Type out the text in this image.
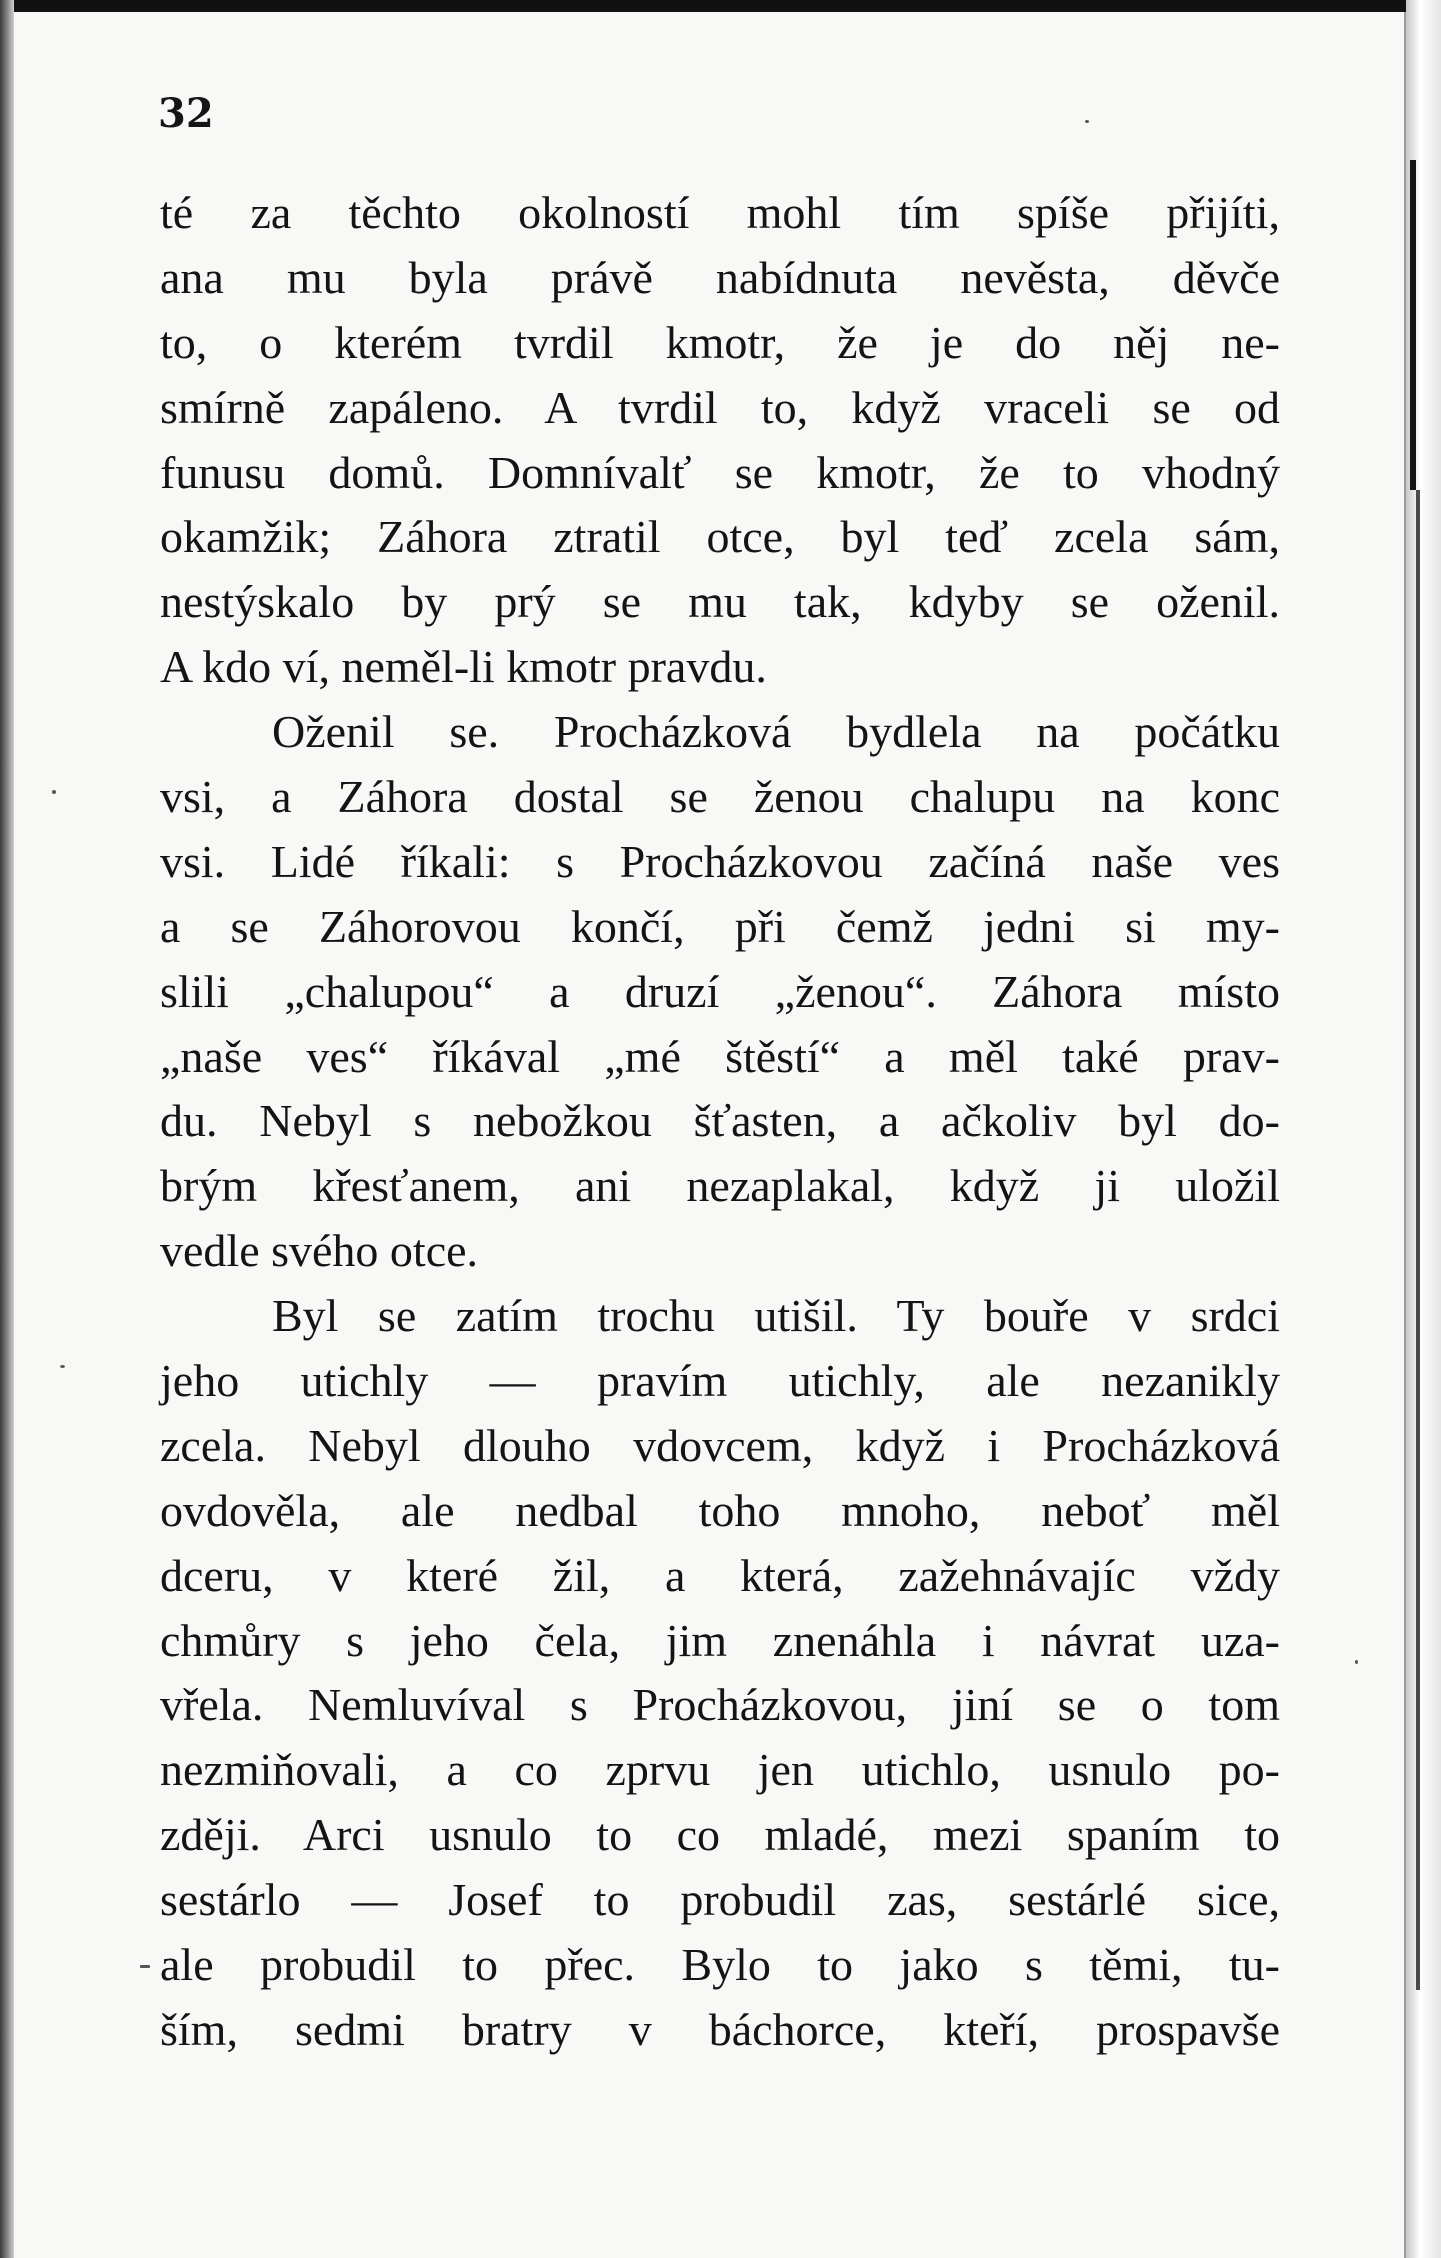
32
té za těchto okolností mohl tím spíše přijíti,
ana mu byla právě nabídnuta nevěsta, děvče
to, o kterém tvrdil kmotr, že je do něj ne-
smírně zapáleno. A tvrdil to, když vraceli se od
funusu domů. Domnívalť se kmotr, že to vhodný
okamžik; Záhora ztratil otce, byl teď zcela sám,
nestýskalo by prý se mu tak, kdyby se oženil.
A kdo ví, neměl-li kmotr pravdu.
Oženil se. Procházková bydlela na počátku
vsi, a Záhora dostal se ženou chalupu na konc
vsi. Lidé říkali: s Procházkovou začíná naše ves
a se Záhorovou končí, při čemž jedni si my-
slili „chalupou“ a druzí „ženou“. Záhora místo
„naše ves“ říkával „mé štěstí“ a měl také prav-
du. Nebyl s nebožkou šťasten, a ačkoliv byl do-
brým křesťanem, ani nezaplakal, když ji uložil
vedle svého otce.
Byl se zatím trochu utišil. Ty bouře v srdci
jeho utichly — pravím utichly, ale nezanikly
zcela. Nebyl dlouho vdovcem, když i Procházková
ovdověla, ale nedbal toho mnoho, neboť měl
dceru, v které žil, a která, zažehnávajíc vždy
chmůry s jeho čela, jim znenáhla i návrat uza-
vřela. Nemluvíval s Procházkovou, jiní se o tom
nezmiňovali, a co zprvu jen utichlo, usnulo po-
zději. Arci usnulo to co mladé, mezi spaním to
sestárlo — Josef to probudil zas, sestárlé sice,
ale probudil to přec. Bylo to jako s těmi, tu-
ším, sedmi bratry v báchorce, kteří, prospavše
